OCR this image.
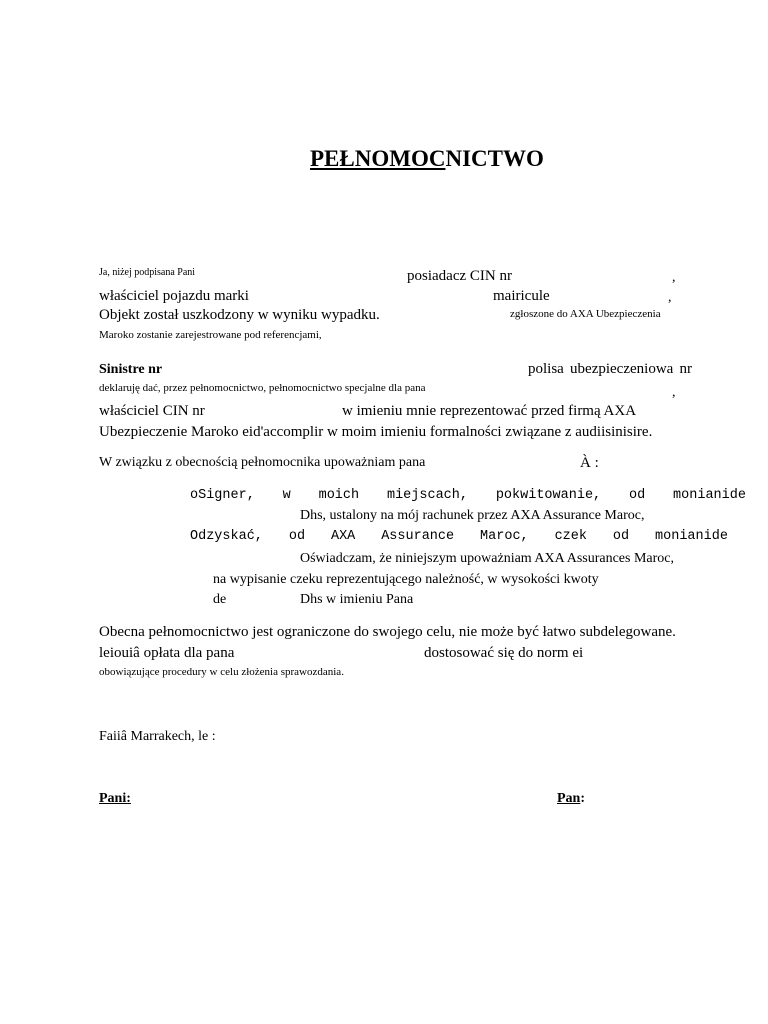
PEŁNOMOCNICTWO
Ja, niżej podpisana Pani	posiadacz CIN nr	,
właściciel pojazdu marki	mairicule	,
Objekt został uszkodzony w wyniku wypadku.	zgłoszone do AXA Ubezpieczenia
Maroko zostanie zarejestrowane pod referencjami,
Sinistre nr	polisa ubezpieczeniowa nr
deklaruję dać, przez pełnomocnictwo, pełnomocnictwo specjalne dla pana	,
właściciel CIN nr	w imieniu mnie reprezentować przed firmą AXA
Ubezpieczenie Maroko eid'accomplir w moim imieniu formalności związane z audiisinisire.
W związku z obecnością pełnomocnika upoważniam pana	À :
oSigner, w moich miejscach, pokwitowanie, od monianide
Dhs, ustalony na mój rachunek przez AXA Assurance Maroc,
Odzyskać, od AXA Assurance Maroc, czek od monianide
Oświadczam, że niniejszym upoważniam AXA Assurances Maroc,
na wypisanie czeku reprezentującego należność, w wysokości kwoty
de	Dhs w imieniu Pana
Obecna pełnomocnictwo jest ograniczone do swojego celu, nie może być łatwo subdelegowane.
leiouiâ opłata dla pana	dostosować się do norm ei
obowiązujące procedury w celu złożenia sprawozdania.
Faiiâ Marrakech, le :
Pani:	Pan:
